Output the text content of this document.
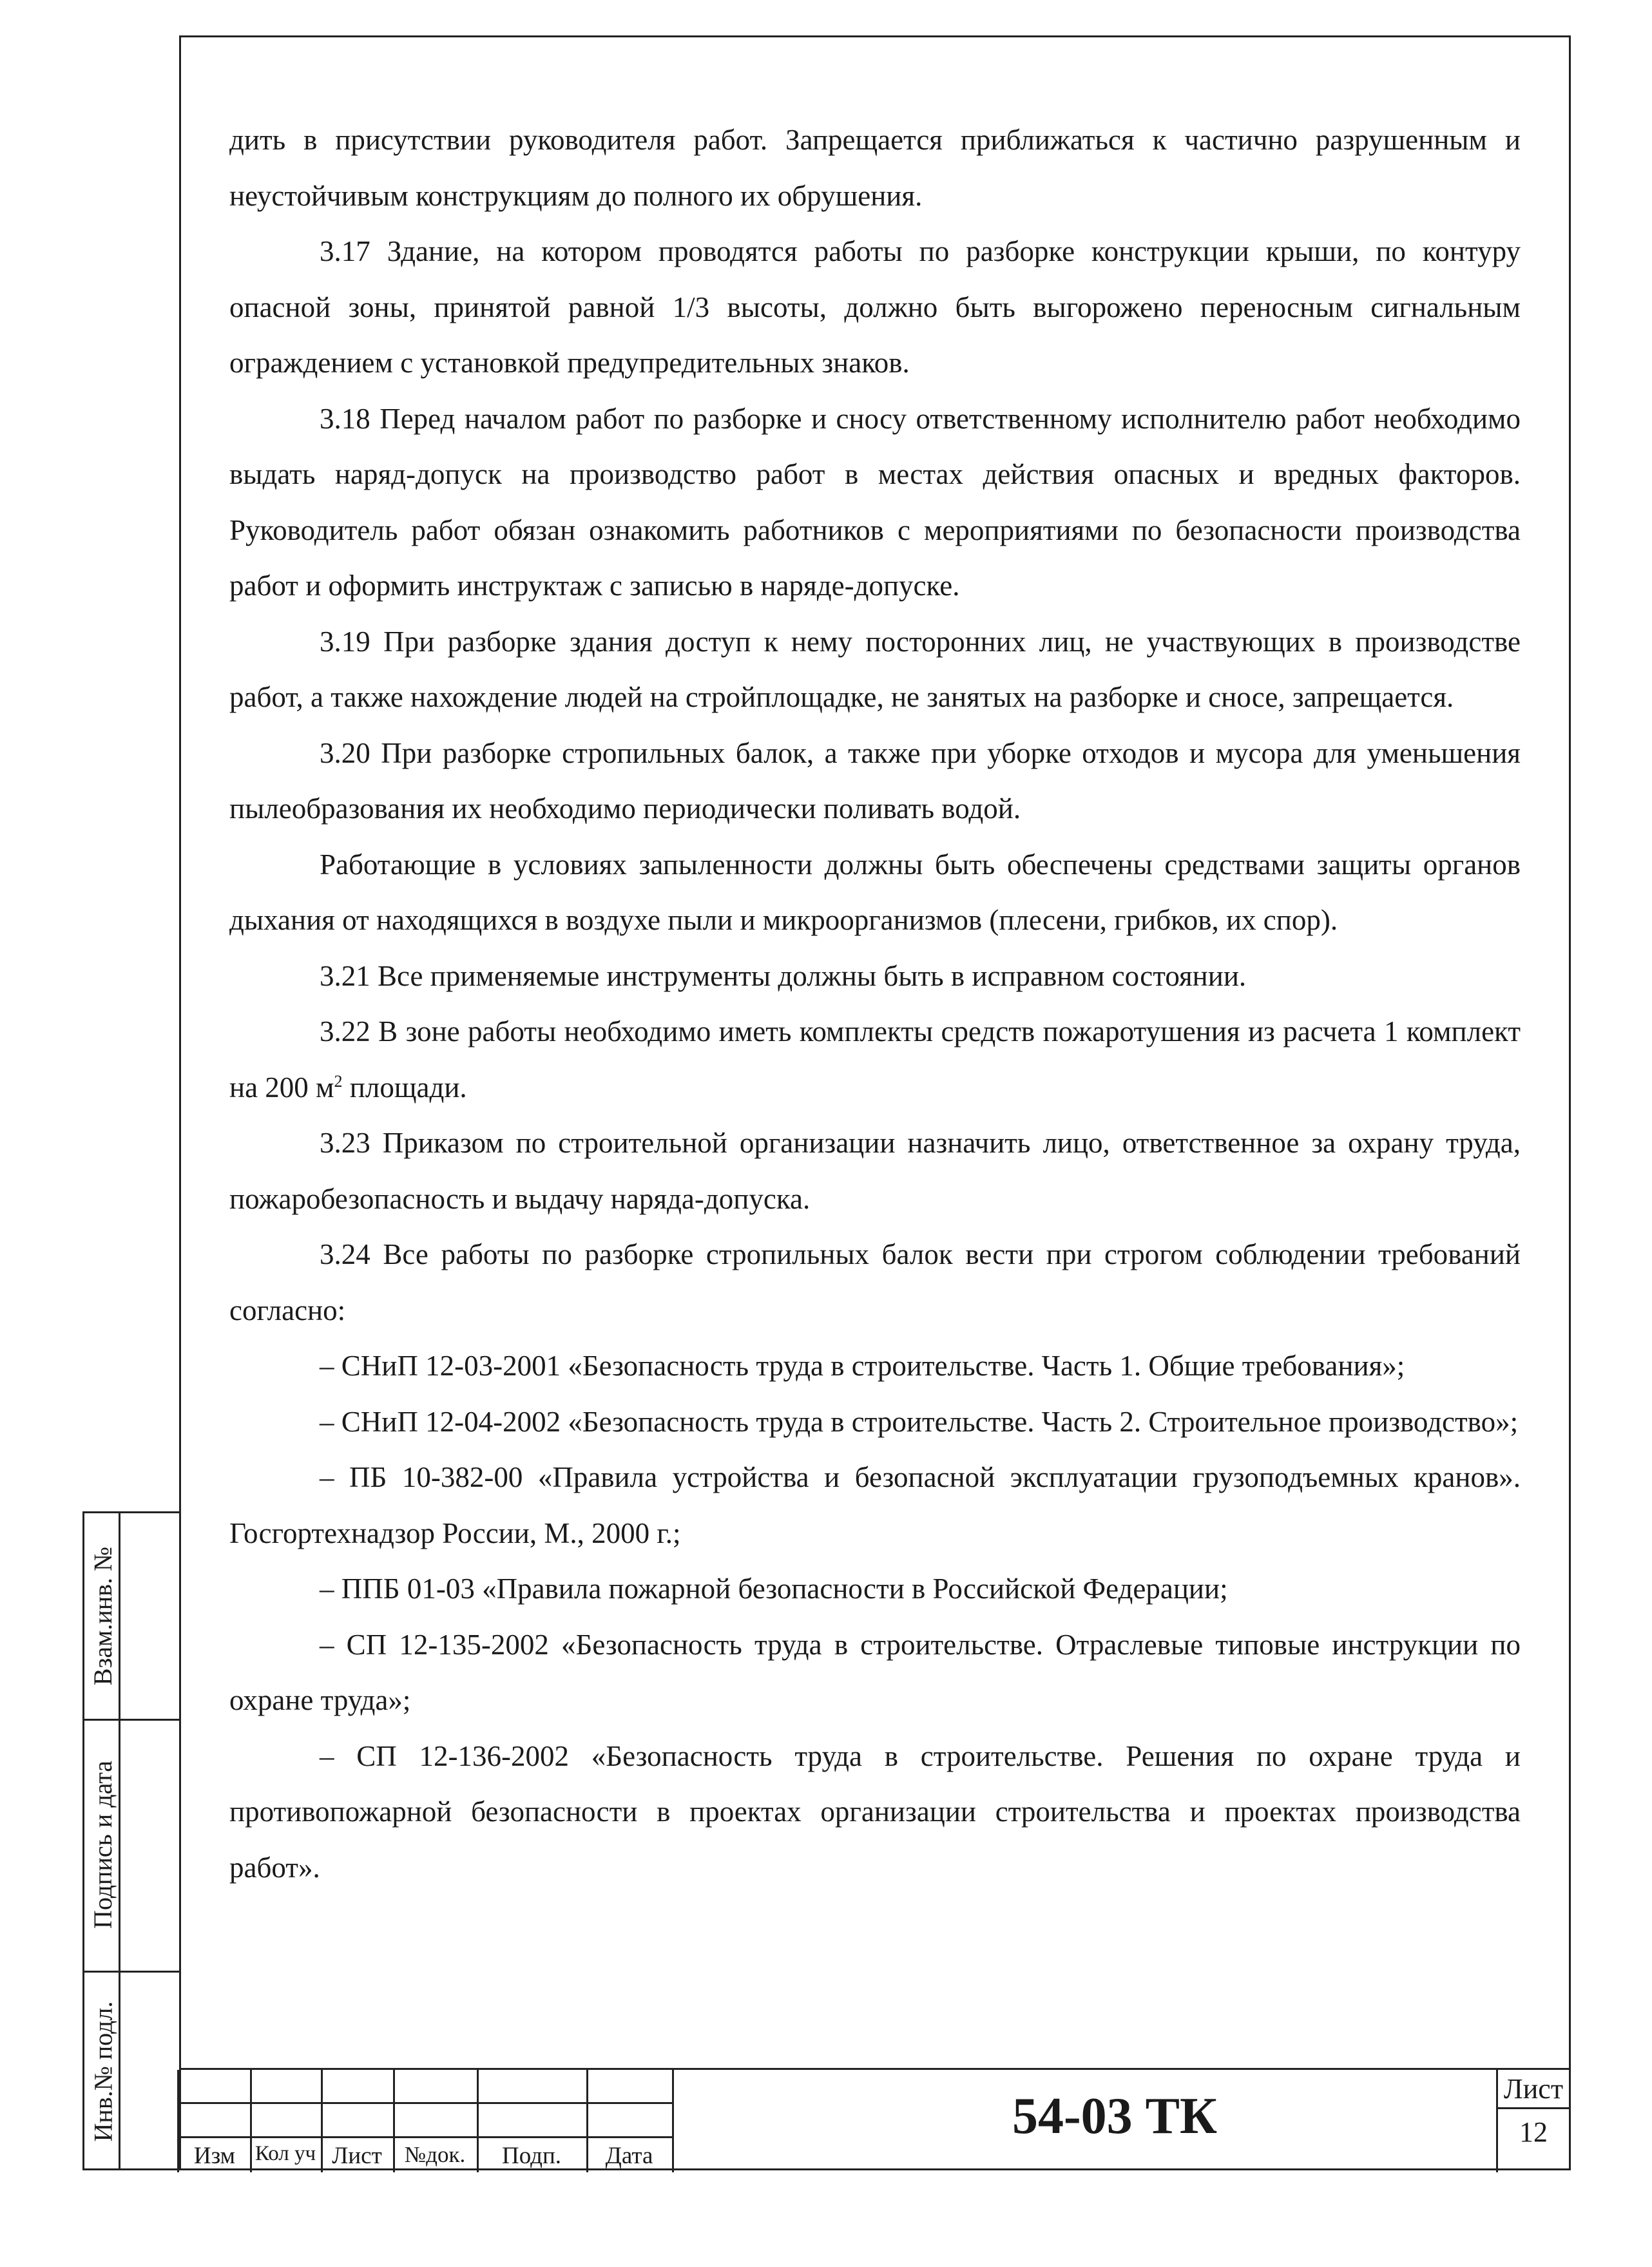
дить в присутствии руководителя работ. Запрещается приближаться к частично разрушенным и неустойчивым конструкциям до полного их обрушения.

3.17 Здание, на котором проводятся работы по разборке конструкции крыши, по контуру опасной зоны, принятой равной 1/3 высоты, должно быть выгорожено переносным сигнальным ограждением с установкой предупредительных знаков.

3.18 Перед началом работ по разборке и сносу ответственному исполнителю работ необходимо выдать наряд-допуск на производство работ в местах действия опасных и вредных факторов. Руководитель работ обязан ознакомить работников с мероприятиями по безопасности производства работ и оформить инструктаж с записью в наряде-допуске.

3.19 При разборке здания доступ к нему посторонних лиц, не участвующих в производстве работ, а также нахождение людей на стройплощадке, не занятых на разборке и сносе, запрещается.

3.20 При разборке стропильных балок, а также при уборке отходов и мусора для уменьшения пылеобразования их необходимо периодически поливать водой.

Работающие в условиях запыленности должны быть обеспечены средствами защиты органов дыхания от находящихся в воздухе пыли и микроорганизмов (плесени, грибков, их спор).

3.21 Все применяемые инструменты должны быть в исправном состоянии.

3.22 В зоне работы необходимо иметь комплекты средств пожаротушения из расчета 1 комплект на 200 $м^2$ площади.

3.23 Приказом по строительной организации назначить лицо, ответственное за охрану труда, пожаробезопасность и выдачу наряда-допуска.

3.24 Все работы по разборке стропильных балок вести при строгом соблюдении требований согласно:

– СНиП 12-03-2001 «Безопасность труда в строительстве. Часть 1. Общие требования»;

– СНиП 12-04-2002 «Безопасность труда в строительстве. Часть 2. Строительное производство»;

– ПБ 10-382-00 «Правила устройства и безопасной эксплуатации грузоподъемных кранов». Госгортехнадзор России, М., 2000 г.;

– ППБ 01-03 «Правила пожарной безопасности в Российской Федерации;

– СП 12-135-2002 «Безопасность труда в строительстве. Отраслевые типовые инструкции по охране труда»;

– СП 12-136-2002 «Безопасность труда в строительстве. Решения по охране труда и противопожарной безопасности в проектах организации строительства и проектах производства работ».

Взам.инв. №
Подпись и дата
Инв.№ подл.
Изм Кол уч Лист	№док.	Подп.	Дата
54-03 ТК	Лист
12
